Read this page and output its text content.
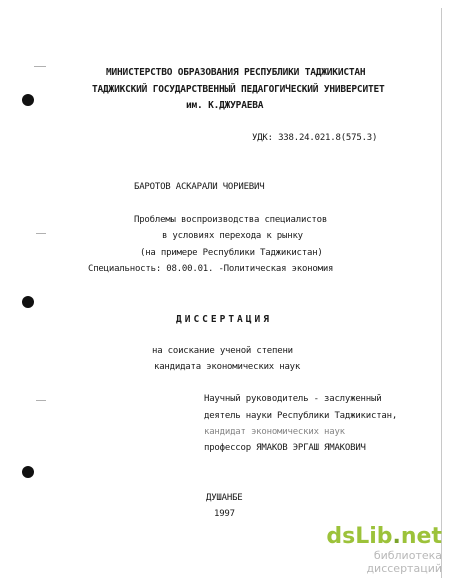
МИНИСТЕРСТВО ОБРАЗОВАНИЯ РЕСПУБЛИКИ ТАДЖИКИСТАН
ТАДЖИКСКИЙ ГОСУДАРСТВЕННЫЙ ПЕДАГОГИЧЕСКИЙ УНИВЕРСИТЕТ
им. К.ДЖУРАЕВА
УДК: 338.24.021.8(575.3)
БАРОТОВ АСКАРАЛИ ЧОРИЕВИЧ
Проблемы воспроизводства специалистов
в условиях перехода к рынку
(на примере Республики Таджикистан)
Специальность: 08.00.01. -Политическая экономия
ДИССЕРТАЦИЯ
на соискание ученой степени
кандидата экономических наук
Научный руководитель - заслуженный
деятель науки Республики Таджикистан,
кандидат экономических наук
профессор ЯМАКОВ ЭРГАШ ЯМАКОВИЧ
ДУШАНБЕ
1997
dsLib.net
библиотека диссертаций
